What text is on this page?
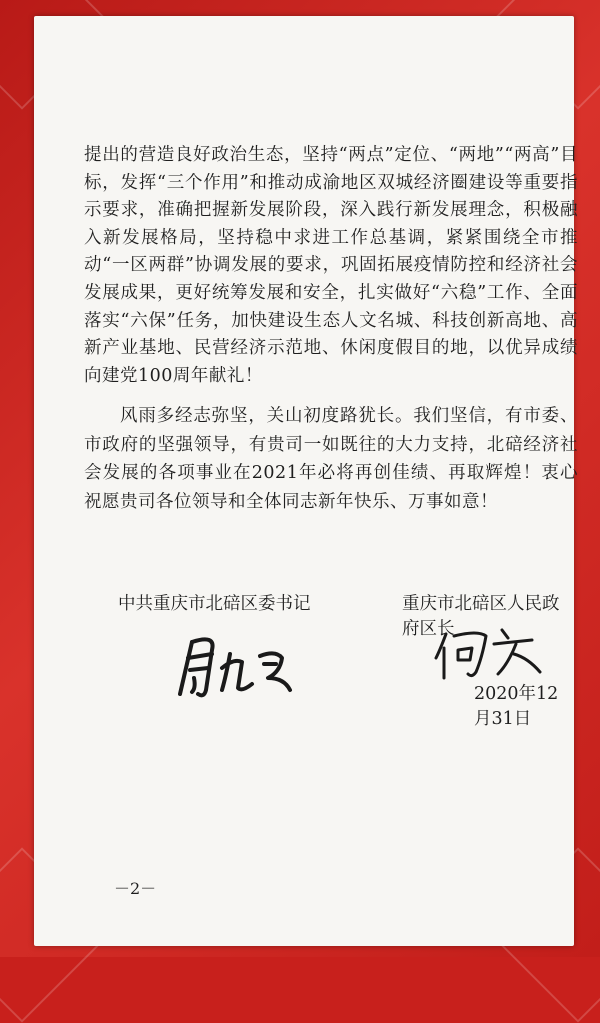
提出的营造良好政治生态，坚持“两点”定位、“两地”“两高”目标，发挥“三个作用”和推动成渝地区双城经济圈建设等重要指示要求，准确把握新发展阶段，深入践行新发展理念，积极融入新发展格局，坚持稳中求进工作总基调，紧紧围绕全市推动“一区两群”协调发展的要求，巩固拓展疫情防控和经济社会发展成果，更好统筹发展和安全，扎实做好“六稳”工作、全面落实“六保”任务，加快建设生态人文名城、科技创新高地、高新产业基地、民营经济示范地、休闲度假目的地，以优异成绩向建党100周年献礼！

风雨多经志弥坚，关山初度路犹长。我们坚信，有市委、市政府的坚强领导，有贵司一如既往的大力支持，北碚经济社会发展的各项事业在2021年必将再创佳绩、再取辉煌！衷心祝愿贵司各位领导和全体同志新年快乐、万事如意！

中共重庆市北碚区委书记	重庆市北碚区人民政府区长

2020年12月31日

－2－
